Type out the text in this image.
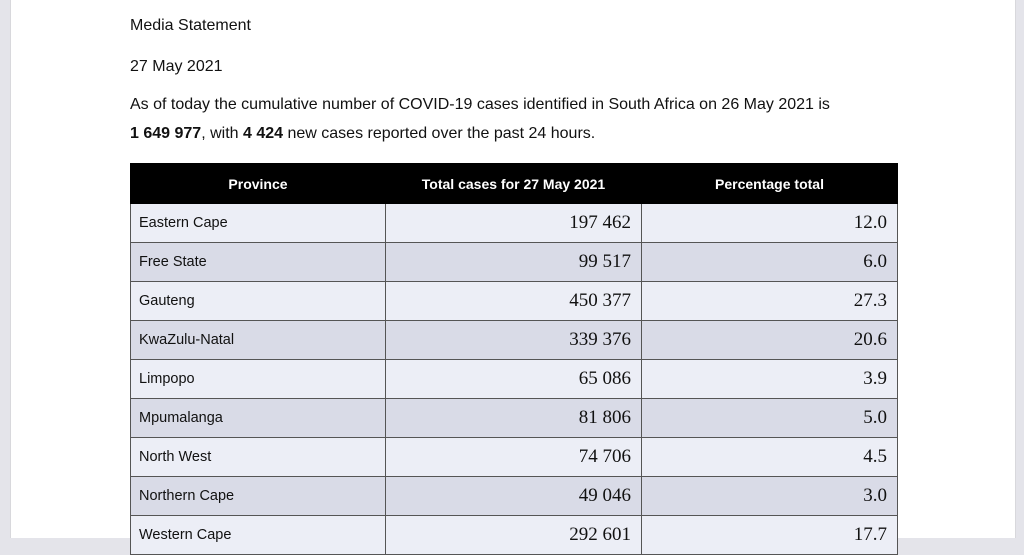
Media Statement

27 May 2021

As of today the cumulative number of COVID-19 cases identified in South Africa on 26 May 2021 is

1 649 977, with 4 424 new cases reported over the past 24 hours.

Province	Total cases for 27 May 2021	Percentage total
Eastern Cape	197 462	12.0
Free State	99 517	6.0
Gauteng	450 377	27.3
KwaZulu-Natal	339 376	20.6
Limpopo	65 086	3.9
Mpumalanga	81 806	5.0
North West	74 706	4.5
Northern Cape	49 046	3.0
Western Cape	292 601	17.7
